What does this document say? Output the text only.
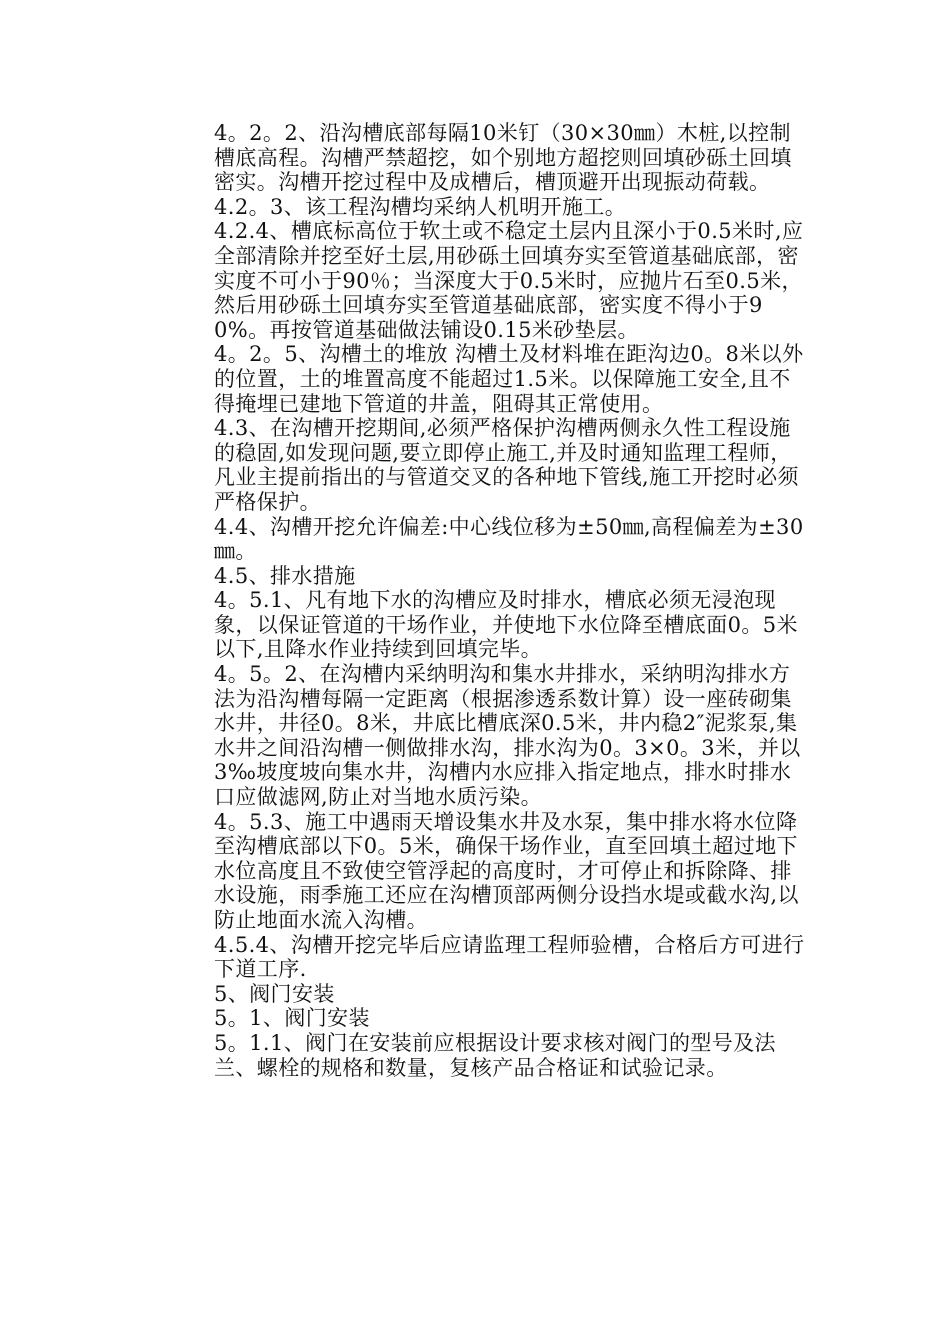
4。2。2、沿沟槽底部每隔10米钉（30×30㎜）木桩,以控制槽底高程。沟槽严禁超挖，如个别地方超挖则回填砂砾土回填密实。沟槽开挖过程中及成槽后，槽顶避开出现振动荷载。

4.2。3、该工程沟槽均采纳人机明开施工。

4.2.4、槽底标高位于软土或不稳定土层内且深小于0.5米时,应全部清除并挖至好土层,用砂砾土回填夯实至管道基础底部，密实度不可小于90％；当深度大于0.5米时，应抛片石至0.5米，然后用砂砾土回填夯实至管道基础底部，密实度不得小于90%。再按管道基础做法铺设0.15米砂垫层。

4。2。5、沟槽土的堆放 沟槽土及材料堆在距沟边0。8米以外的位置，土的堆置高度不能超过1.5米。以保障施工安全,且不得掩埋已建地下管道的井盖，阻碍其正常使用。

4.3、在沟槽开挖期间,必须严格保护沟槽两侧永久性工程设施的稳固,如发现问题,要立即停止施工,并及时通知监理工程师，凡业主提前指出的与管道交叉的各种地下管线,施工开挖时必须严格保护。

4.4、沟槽开挖允许偏差:中心线位移为±50㎜,高程偏差为±30㎜。

4.5、排水措施

4。5.1、凡有地下水的沟槽应及时排水，槽底必须无浸泡现象，以保证管道的干场作业，并使地下水位降至槽底面0。5米以下,且降水作业持续到回填完毕。

4。5。2、在沟槽内采纳明沟和集水井排水，采纳明沟排水方法为沿沟槽每隔一定距离（根据渗透系数计算）设一座砖砌集水井，井径0。8米，井底比槽底深0.5米，井内稳2″泥浆泵,集水井之间沿沟槽一侧做排水沟，排水沟为0。3×0。3米，并以3‰坡度坡向集水井，沟槽内水应排入指定地点，排水时排水口应做滤网,防止对当地水质污染。

4。5.3、施工中遇雨天增设集水井及水泵，集中排水将水位降至沟槽底部以下0。5米，确保干场作业，直至回填土超过地下水位高度且不致使空管浮起的高度时，才可停止和拆除降、排水设施，雨季施工还应在沟槽顶部两侧分设挡水堤或截水沟,以防止地面水流入沟槽。

4.5.4、沟槽开挖完毕后应请监理工程师验槽，合格后方可进行下道工序.

5、阀门安装

5。1、阀门安装

5。1.1、阀门在安装前应根据设计要求核对阀门的型号及法兰、螺栓的规格和数量，复核产品合格证和试验记录。
